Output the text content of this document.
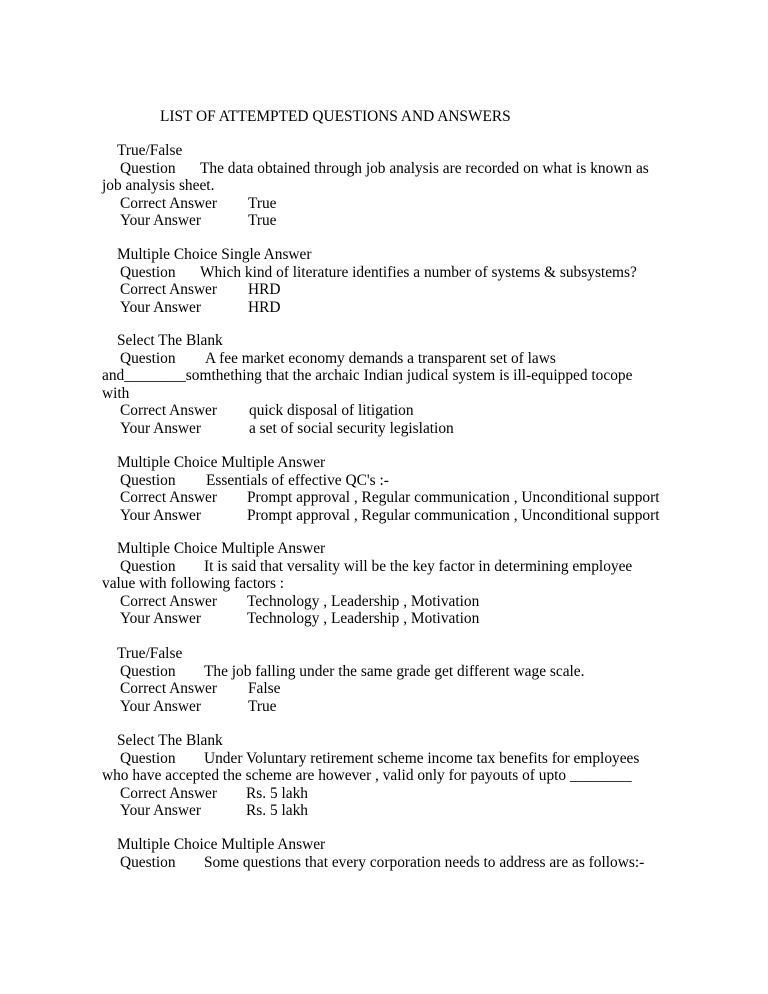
LIST OF ATTEMPTED QUESTIONS AND ANSWERS
True/False
Question The data obtained through job analysis are recorded on what is known as
job analysis sheet.
Correct Answer True
Your Answer	True
Multiple Choice Single Answer
Question Which kind of literature identifies a number of systems & subsystems?
Correct Answer HRD
Your Answer	HRD
Select The Blank
Question A fee market economy demands a transparent set of laws
and________somthething that the archaic Indian judical system is ill-equipped tocope
with
Correct Answer quick disposal of litigation
Your Answer	a set of social security legislation
Multiple Choice Multiple Answer
Question Essentials of effective QC's :-
Correct Answer Prompt approval , Regular communication , Unconditional support
Your Answer	Prompt approval , Regular communication , Unconditional support
Multiple Choice Multiple Answer
Question It is said that versality will be the key factor in determining employee
value with following factors :
Correct Answer Technology , Leadership , Motivation
Your Answer	Technology , Leadership , Motivation
True/False
Question The job falling under the same grade get different wage scale.
Correct Answer False
Your Answer	True
Select The Blank
Question Under Voluntary retirement scheme income tax benefits for employees
who have accepted the scheme are however , valid only for payouts of upto ________
Correct Answer Rs. 5 lakh
Your Answer	Rs. 5 lakh
Multiple Choice Multiple Answer
Question Some questions that every corporation needs to address are as follows:-
